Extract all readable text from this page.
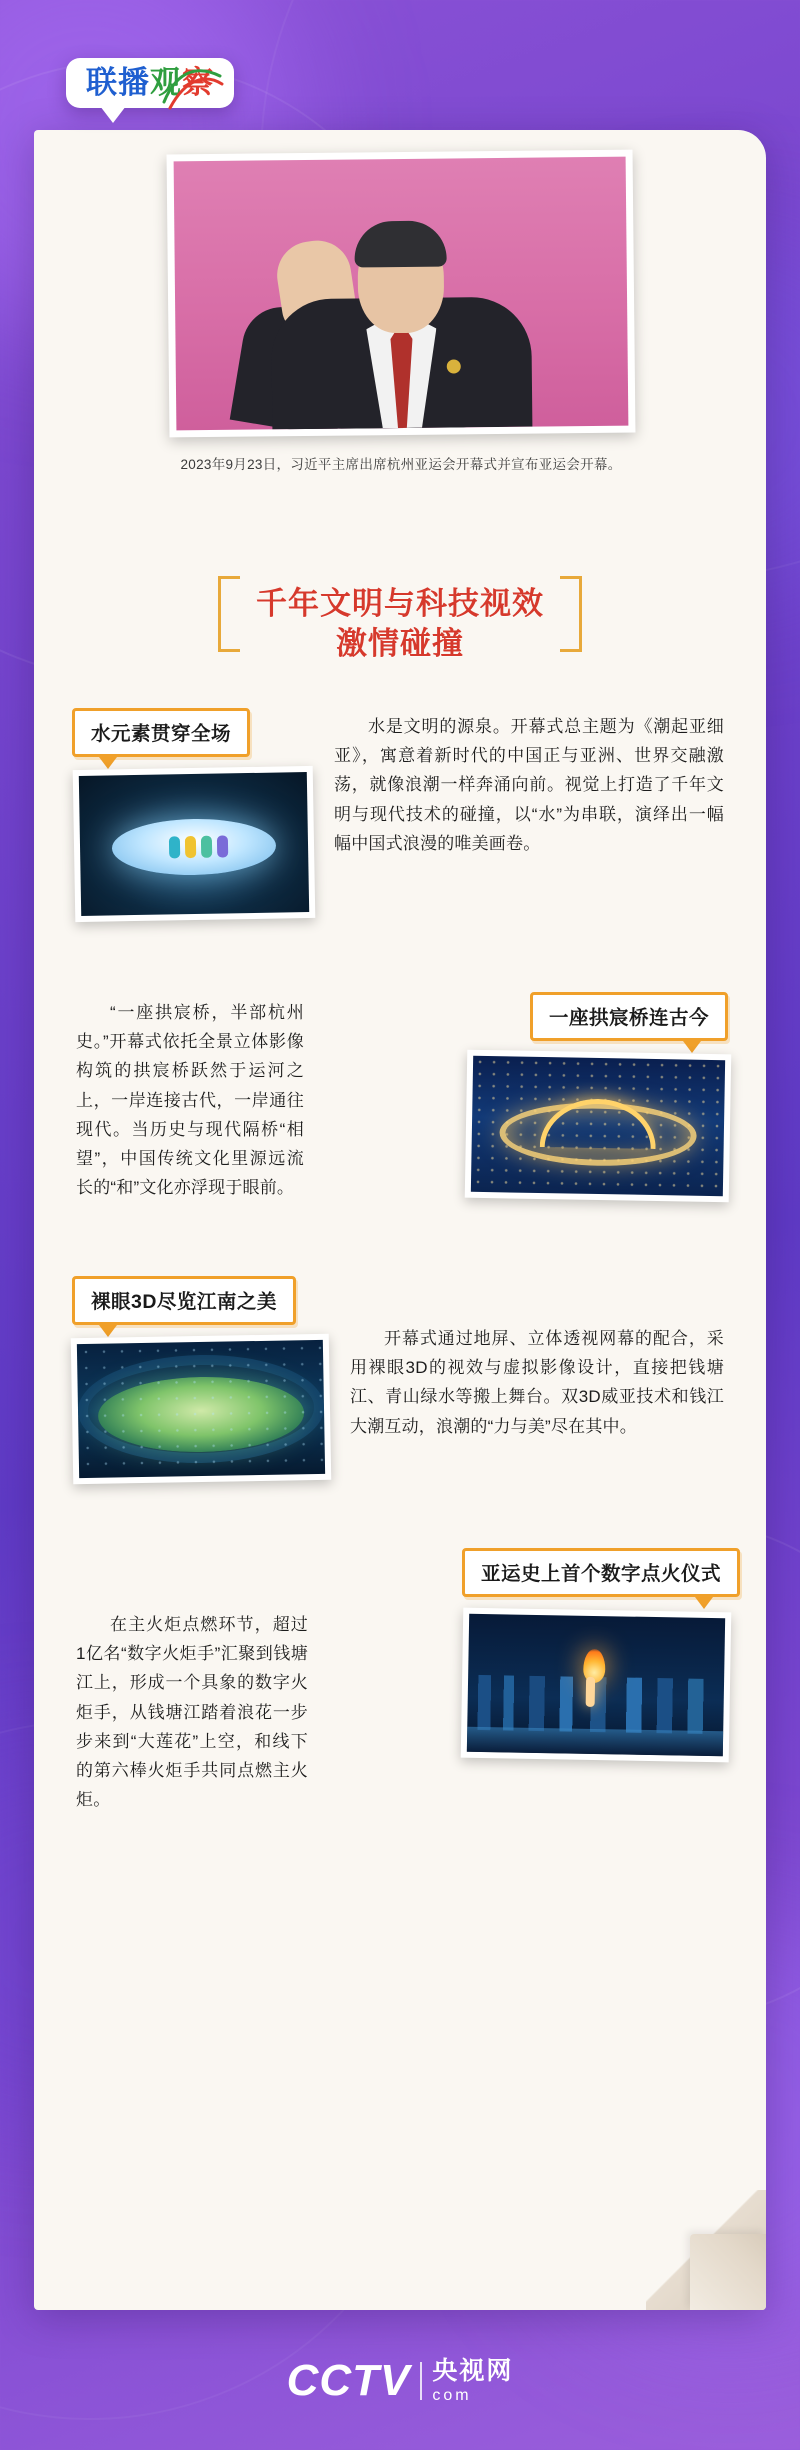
联播观察
2023年9月23日，习近平主席出席杭州亚运会开幕式并宣布亚运会开幕。
千年文明与科技视效
激情碰撞
水元素贯穿全场	水是文明的源泉。开幕式总主题为《潮起亚细亚》，寓意着新时代的中国正与亚洲、世界交融激荡，就像浪潮一样奔涌向前。视觉上打造了千年文明与现代技术的碰撞，以“水”为串联，演绎出一幅幅中国式浪漫的唯美画卷。
一座拱宸桥连古今
“一座拱宸桥，半部杭州史。”开幕式依托全景立体影像构筑的拱宸桥跃然于运河之上，一岸连接古代，一岸通往现代。当历史与现代隔桥“相望”，中国传统文化里源远流长的“和”文化亦浮现于眼前。
裸眼3D尽览江南之美
开幕式通过地屏、立体透视网幕的配合，采用裸眼3D的视效与虚拟影像设计，直接把钱塘江、青山绿水等搬上舞台。双3D威亚技术和钱江大潮互动，浪潮的“力与美”尽在其中。
亚运史上首个数字点火仪式
在主火炬点燃环节，超过1亿名“数字火炬手”汇聚到钱塘江上，形成一个具象的数字火炬手，从钱塘江踏着浪花一步步来到“大莲花”上空，和线下的第六棒火炬手共同点燃主火炬。
CCTV 央视网
com
